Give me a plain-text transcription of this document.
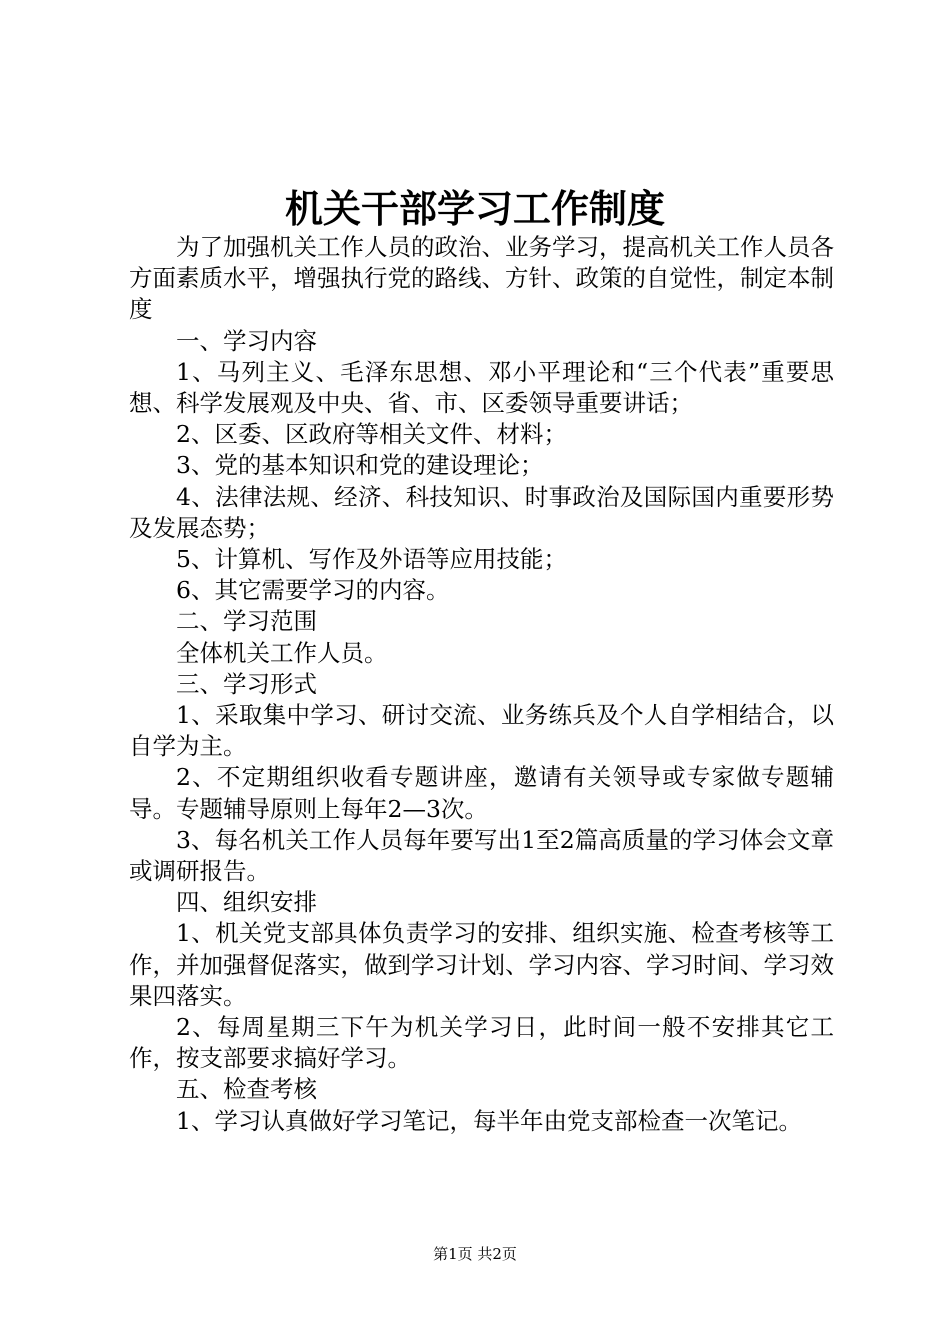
机关干部学习工作制度

为了加强机关工作人员的政治、业务学习，提高机关工作人员各方面素质水平，增强执行党的路线、方针、政策的自觉性，制定本制度

一、学习内容

1、马列主义、毛泽东思想、邓小平理论和“三个代表”重要思想、科学发展观及中央、省、市、区委领导重要讲话；

2、区委、区政府等相关文件、材料；

3、党的基本知识和党的建设理论；

4、法律法规、经济、科技知识、时事政治及国际国内重要形势及发展态势；

5、计算机、写作及外语等应用技能；

6、其它需要学习的内容。

二、学习范围

全体机关工作人员。

三、学习形式

1、采取集中学习、研讨交流、业务练兵及个人自学相结合，以自学为主。

2、不定期组织收看专题讲座，邀请有关领导或专家做专题辅导。专题辅导原则上每年2—3次。

3、每名机关工作人员每年要写出1至2篇高质量的学习体会文章或调研报告。

四、组织安排

1、机关党支部具体负责学习的安排、组织实施、检查考核等工作，并加强督促落实，做到学习计划、学习内容、学习时间、学习效果四落实。

2、每周星期三下午为机关学习日，此时间一般不安排其它工作，按支部要求搞好学习。

五、检查考核

1、学习认真做好学习笔记，每半年由党支部检查一次笔记。

第1页 共2页
